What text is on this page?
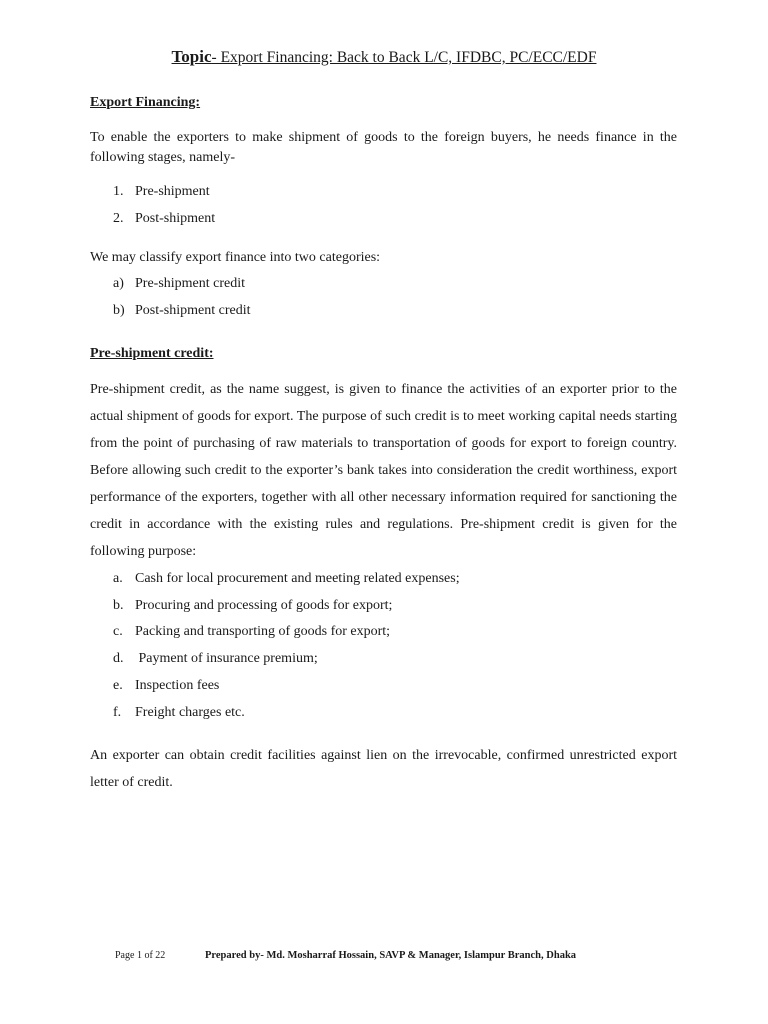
Topic- Export Financing: Back to Back L/C, IFDBC, PC/ECC/EDF
Export Financing:
To enable the exporters to make shipment of goods to the foreign buyers, he needs finance in the following stages, namely-
1. Pre-shipment
2. Post-shipment
We may classify export finance into two categories:
a) Pre-shipment credit
b) Post-shipment credit
Pre-shipment credit:
Pre-shipment credit, as the name suggest, is given to finance the activities of an exporter prior to the actual shipment of goods for export. The purpose of such credit is to meet working capital needs starting from the point of purchasing of raw materials to transportation of goods for export to foreign country. Before allowing such credit to the exporter’s bank takes into consideration the credit worthiness, export performance of the exporters, together with all other necessary information required for sanctioning the credit in accordance with the existing rules and regulations. Pre-shipment credit is given for the following purpose:
a. Cash for local procurement and meeting related expenses;
b. Procuring and processing of goods for export;
c. Packing and transporting of goods for export;
d. Payment of insurance premium;
e. Inspection fees
f. Freight charges etc.
An exporter can obtain credit facilities against lien on the irrevocable, confirmed unrestricted export letter of credit.
Page 1 of 22	Prepared by- Md. Mosharraf Hossain, SAVP & Manager, Islampur Branch, Dhaka
